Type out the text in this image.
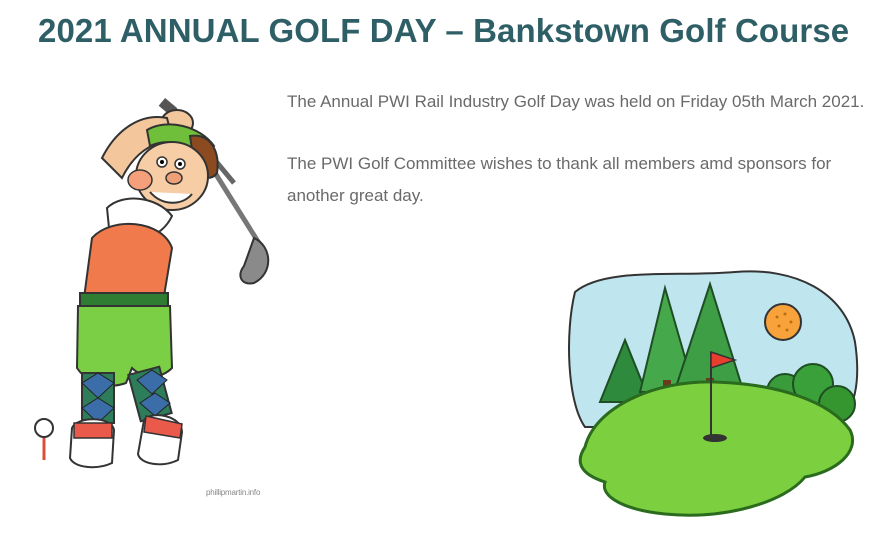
2021 ANNUAL GOLF DAY – Bankstown Golf Course
phillipmartin.info

The Annual PWI Rail Industry Golf Day was held on Friday 05th March 2021.

The PWI Golf Committee wishes to thank all members amd sponsors for another great day.
